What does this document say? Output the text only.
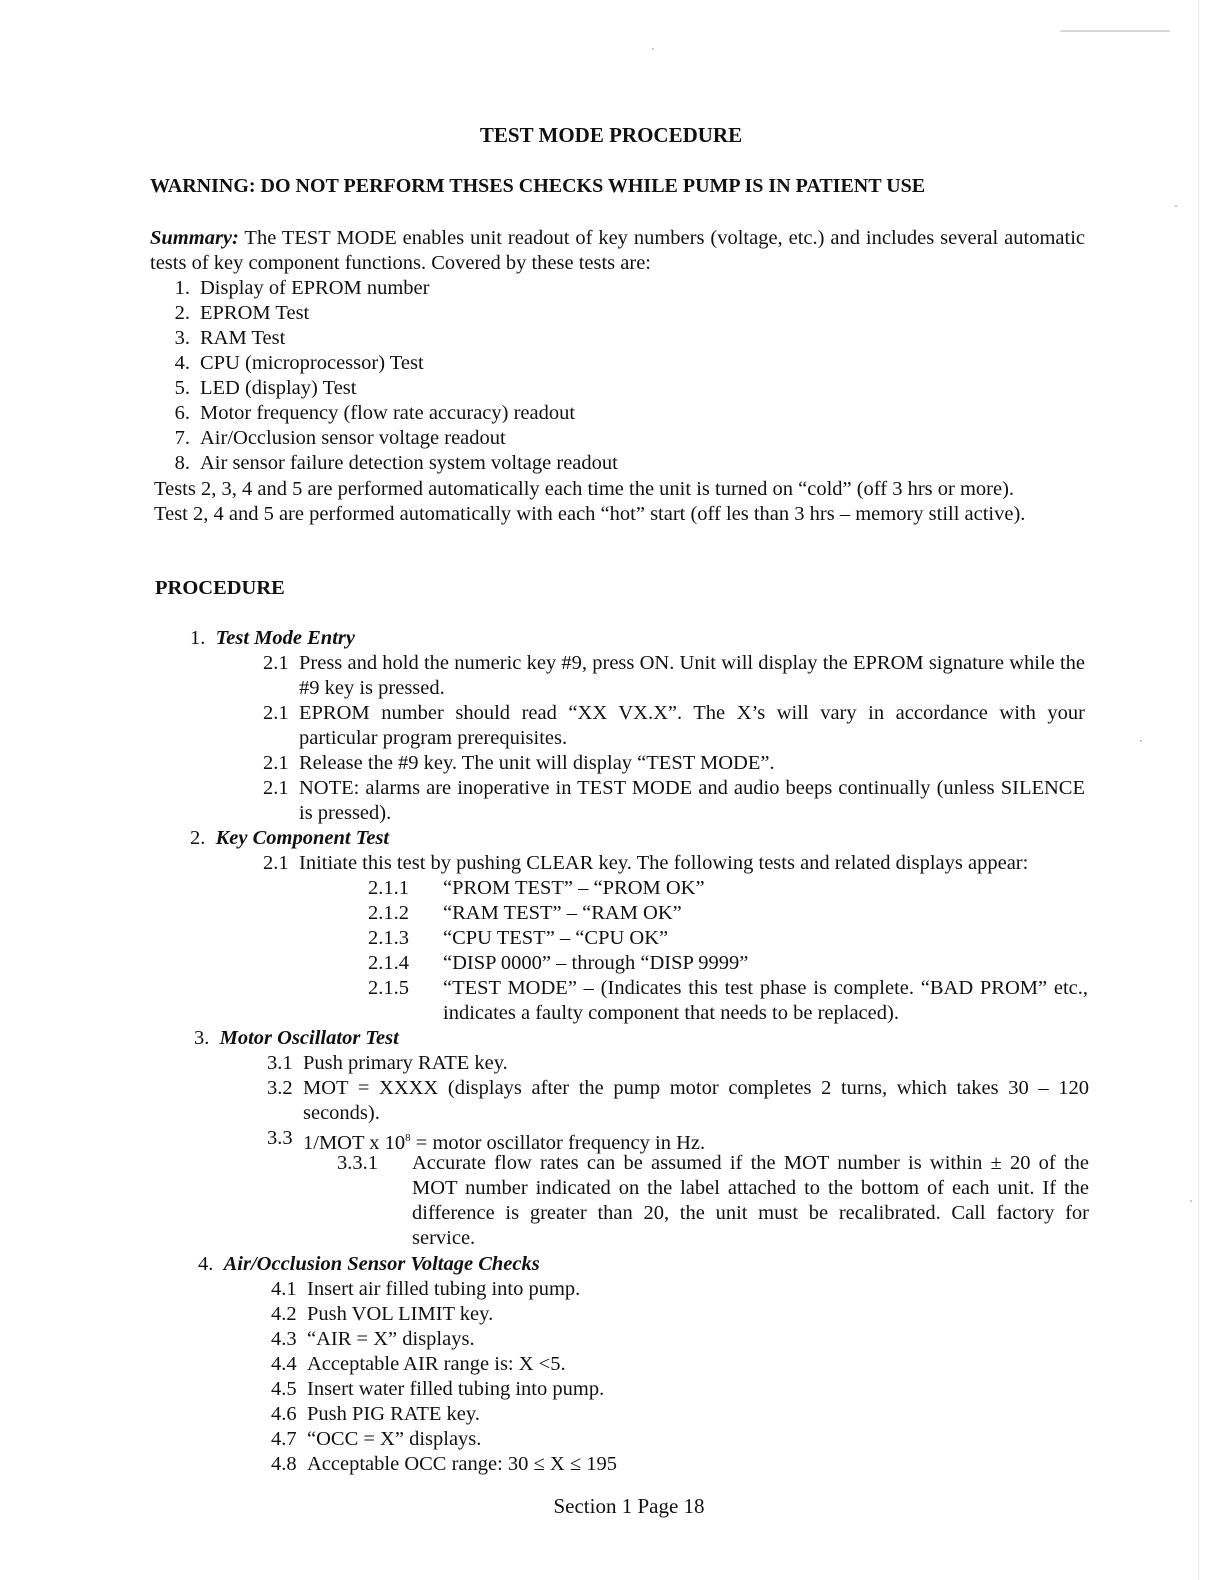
TEST MODE PROCEDURE
WARNING: DO NOT PERFORM THSES CHECKS WHILE PUMP IS IN PATIENT USE
Summary: The TEST MODE enables unit readout of key numbers (voltage, etc.) and includes several automatic tests of key component functions. Covered by these tests are:
1. Display of EPROM number
2. EPROM Test
3. RAM Test
4. CPU (microprocessor) Test
5. LED (display) Test
6. Motor frequency (flow rate accuracy) readout
7. Air/Occlusion sensor voltage readout
8. Air sensor failure detection system voltage readout
Tests 2, 3, 4 and 5 are performed automatically each time the unit is turned on “cold” (off 3 hrs or more).
Test 2, 4 and 5 are performed automatically with each “hot” start (off les than 3 hrs – memory still active).
PROCEDURE
1. Test Mode Entry
2.1 Press and hold the numeric key #9, press ON. Unit will display the EPROM signature while the #9 key is pressed.
2.1 EPROM number should read “XX VX.X”. The X’s will vary in accordance with your particular program prerequisites.
2.1 Release the #9 key. The unit will display “TEST MODE”.
2.1 NOTE: alarms are inoperative in TEST MODE and audio beeps continually (unless SILENCE is pressed).
2. Key Component Test
2.1 Initiate this test by pushing CLEAR key. The following tests and related displays appear:
2.1.1 “PROM TEST” – “PROM OK”
2.1.2 “RAM TEST” – “RAM OK”
2.1.3 “CPU TEST” – “CPU OK”
2.1.4 “DISP 0000” – through “DISP 9999”
2.1.5 “TEST MODE” – (Indicates this test phase is complete. “BAD PROM” etc., indicates a faulty component that needs to be replaced).
3. Motor Oscillator Test
3.1 Push primary RATE key.
3.2 MOT = XXXX (displays after the pump motor completes 2 turns, which takes 30 – 120 seconds).
3.3 1/MOT x $10^8$ = motor oscillator frequency in Hz.
3.3.1 Accurate flow rates can be assumed if the MOT number is within ± 20 of the MOT number indicated on the label attached to the bottom of each unit. If the difference is greater than 20, the unit must be recalibrated. Call factory for service.
4. Air/Occlusion Sensor Voltage Checks
4.1 Insert air filled tubing into pump.
4.2 Push VOL LIMIT key.
4.3 “AIR = X” displays.
4.4 Acceptable AIR range is: X <5.
4.5 Insert water filled tubing into pump.
4.6 Push PIG RATE key.
4.7 “OCC = X” displays.
4.8 Acceptable OCC range: 30 ≤ X ≤ 195
Section 1 Page 18
